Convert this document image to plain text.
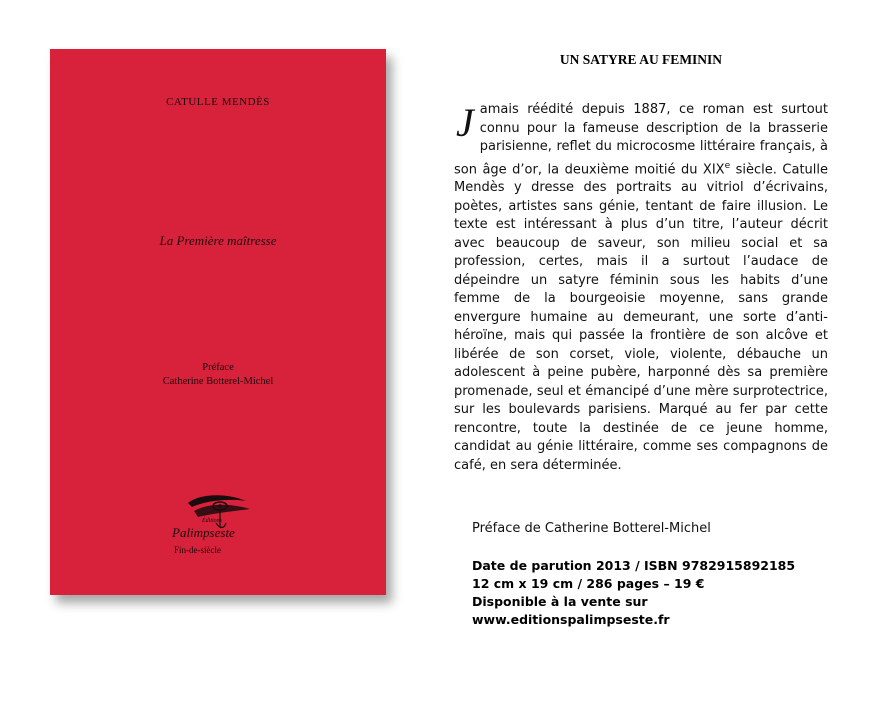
CATULLE MENDÈS
La Première maîtresse
Préface
Catherine Botterel-Michel
Éditions
Palimpseste
Fin-de-siècle
UN SATYRE AU FEMININ
Jamais réédité depuis 1887, ce roman est surtout connu pour la fameuse description de la brasserie parisienne, reflet du microcosme littéraire français, à son âge d’or, la deuxième moitié du XIXe siècle. Catulle Mendès y dresse des portraits au vitriol d’écrivains, poètes, artistes sans génie, tentant de faire illusion. Le texte est intéressant à plus d’un titre, l’auteur décrit avec beaucoup de saveur, son milieu social et sa profession, certes, mais il a surtout l’audace de dépeindre un satyre féminin sous les habits d’une femme de la bourgeoisie moyenne, sans grande envergure humaine au demeurant, une sorte d’anti-héroïne, mais qui passée la frontière de son alcôve et libérée de son corset, viole, violente, débauche un adolescent à peine pubère, harponné dès sa première promenade, seul et émancipé d’une mère surprotectrice, sur les boulevards parisiens. Marqué au fer par cette rencontre, toute la destinée de ce jeune homme, candidat au génie littéraire, comme ses compagnons de café, en sera déterminée.
Préface de Catherine Botterel-Michel
Date de parution 2013 / ISBN 9782915892185
12 cm x 19 cm / 286 pages – 19 €
Disponible à la vente sur
www.editionspalimpseste.fr
